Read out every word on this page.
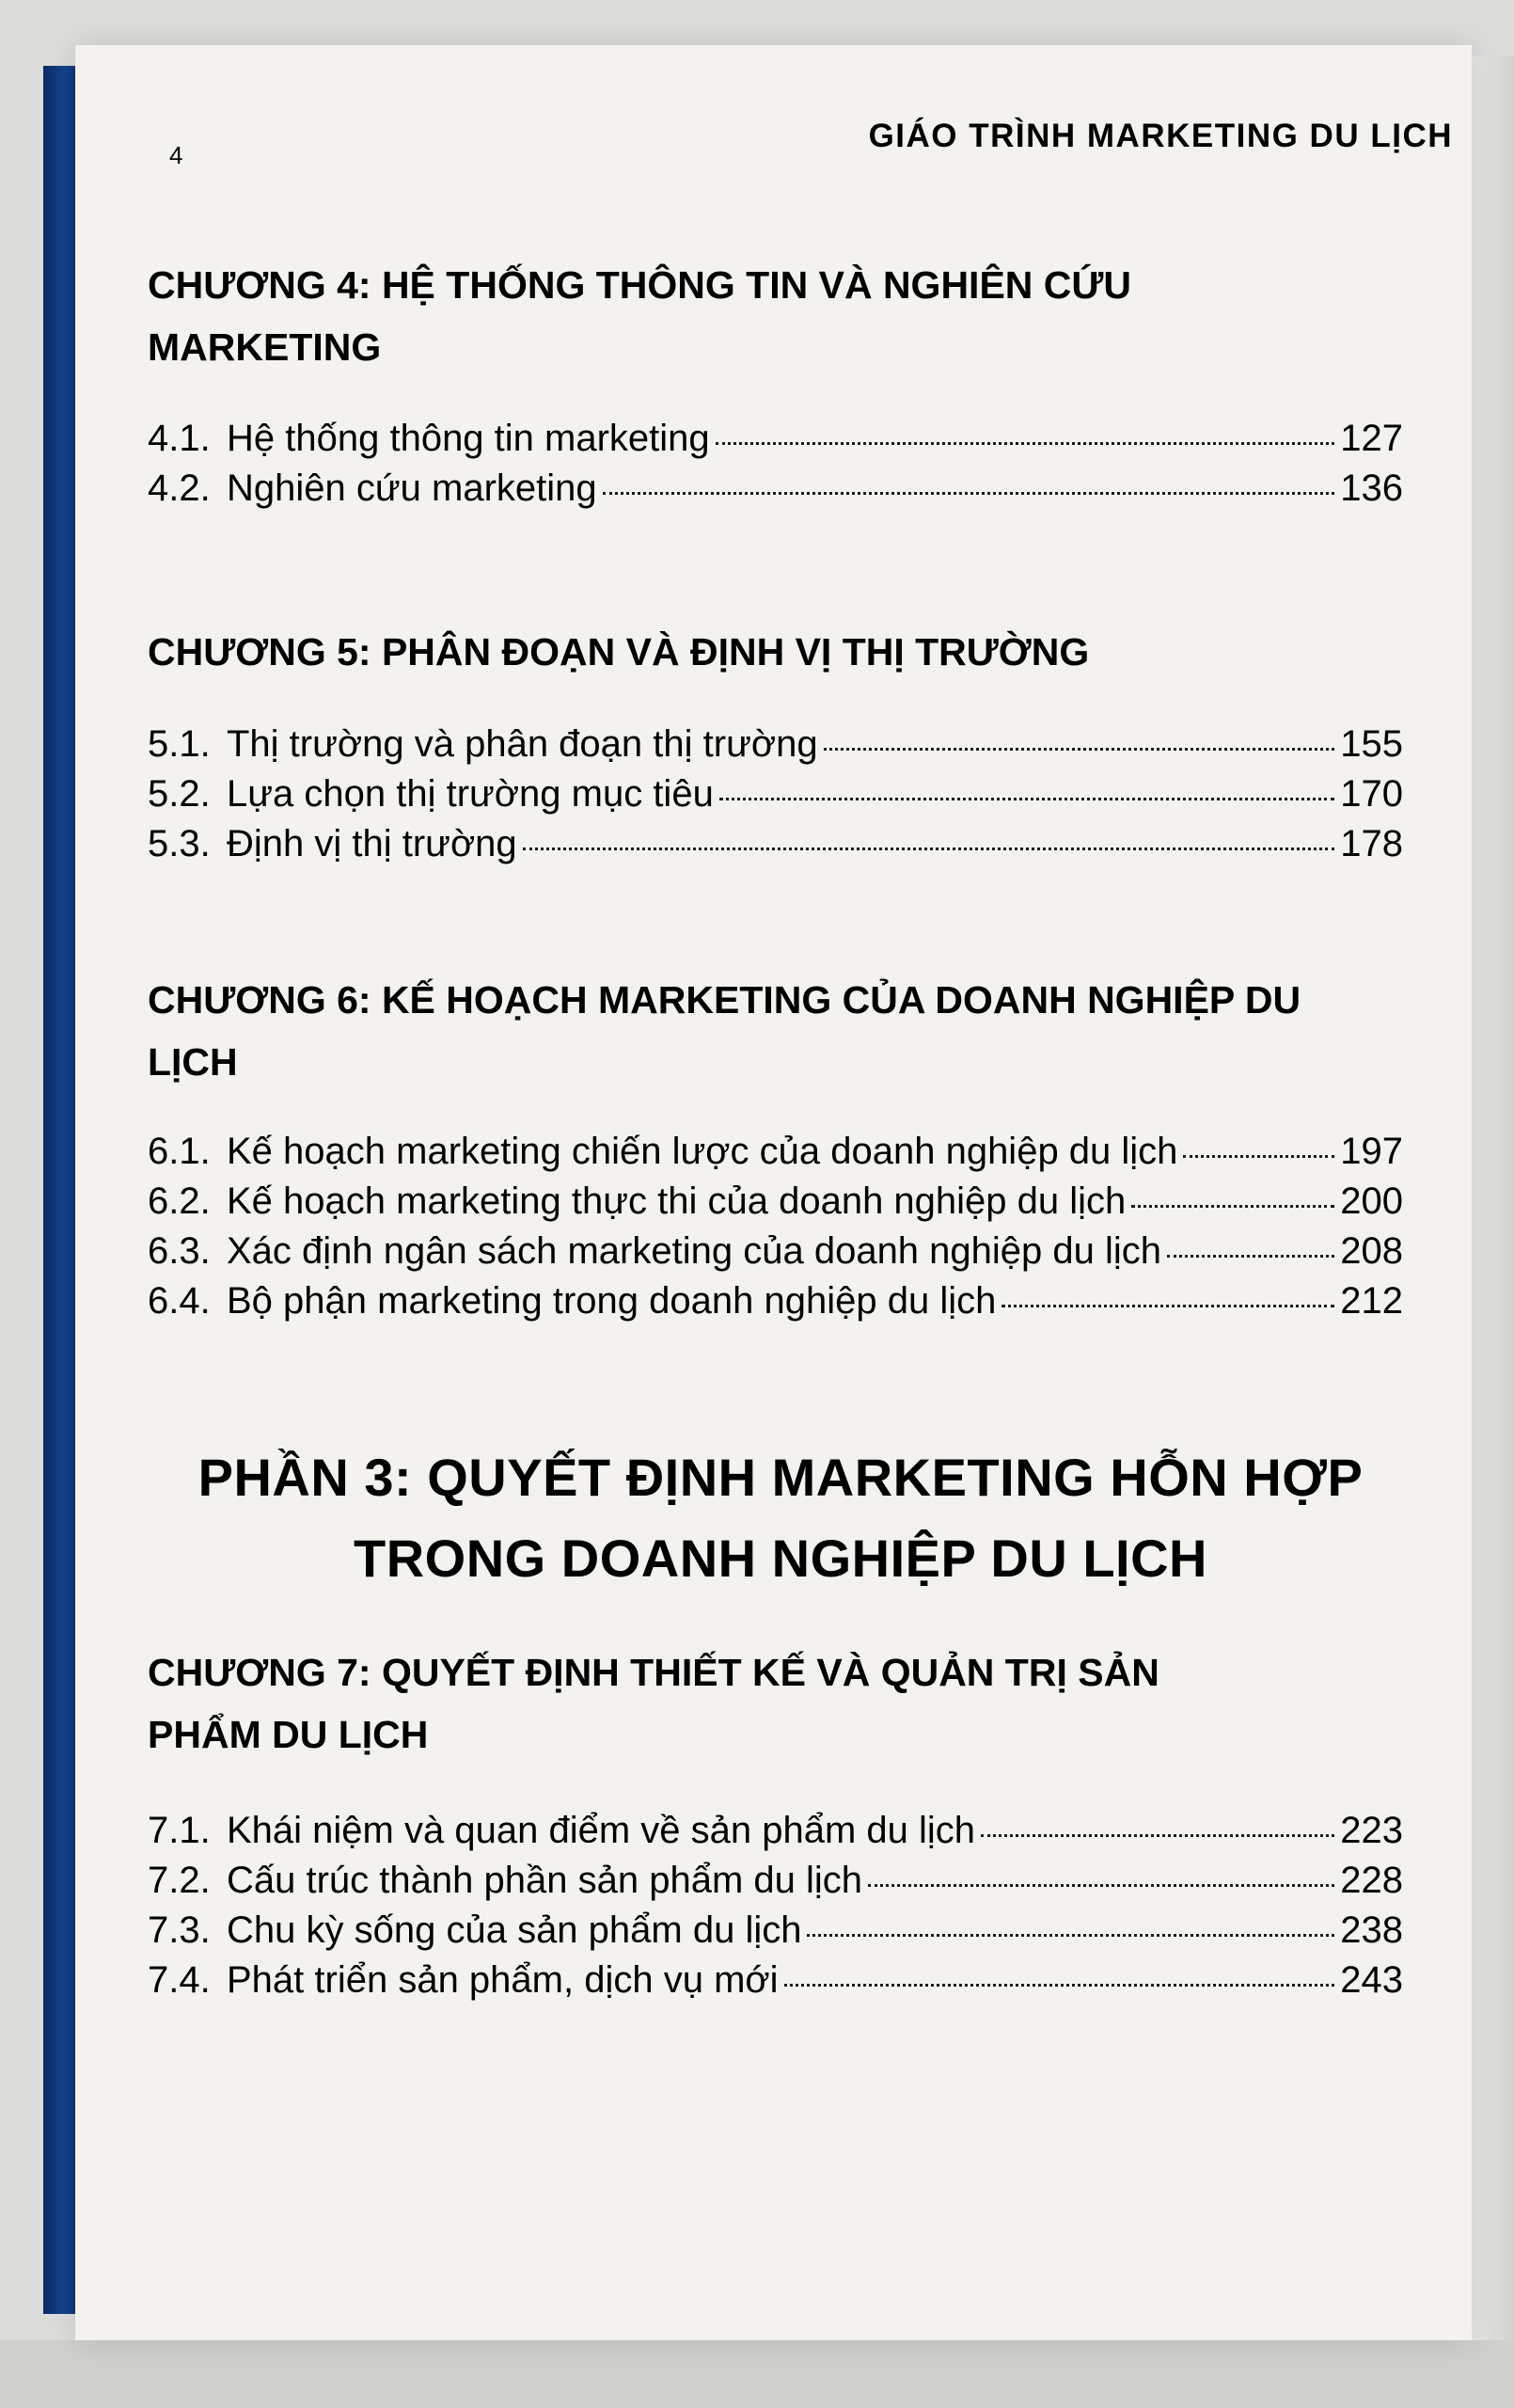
4
GIÁO TRÌNH MARKETING DU LỊCH
CHƯƠNG 4: HỆ THỐNG THÔNG TIN VÀ NGHIÊN CỨU MARKETING
4.1. Hệ thống thông tin marketing	127
4.2. Nghiên cứu marketing	136
CHƯƠNG 5: PHÂN ĐOẠN VÀ ĐỊNH VỊ THỊ TRƯỜNG
5.1. Thị trường và phân đoạn thị trường	155
5.2. Lựa chọn thị trường mục tiêu	170
5.3. Định vị thị trường	178
CHƯƠNG 6: KẾ HOẠCH MARKETING CỦA DOANH NGHIỆP DU LỊCH
6.1. Kế hoạch marketing chiến lược của doanh nghiệp du lịch	197
6.2. Kế hoạch marketing thực thi của doanh nghiệp du lịch	200
6.3. Xác định ngân sách marketing của doanh nghiệp du lịch	208
6.4. Bộ phận marketing trong doanh nghiệp du lịch	212
PHẦN 3: QUYẾT ĐỊNH MARKETING HỖN HỢP
TRONG DOANH NGHIỆP DU LỊCH
CHƯƠNG 7: QUYẾT ĐỊNH THIẾT KẾ VÀ QUẢN TRỊ SẢN PHẨM DU LỊCH
7.1. Khái niệm và quan điểm về sản phẩm du lịch	223
7.2. Cấu trúc thành phần sản phẩm du lịch	228
7.3. Chu kỳ sống của sản phẩm du lịch	238
7.4. Phát triển sản phẩm, dịch vụ mới	243
